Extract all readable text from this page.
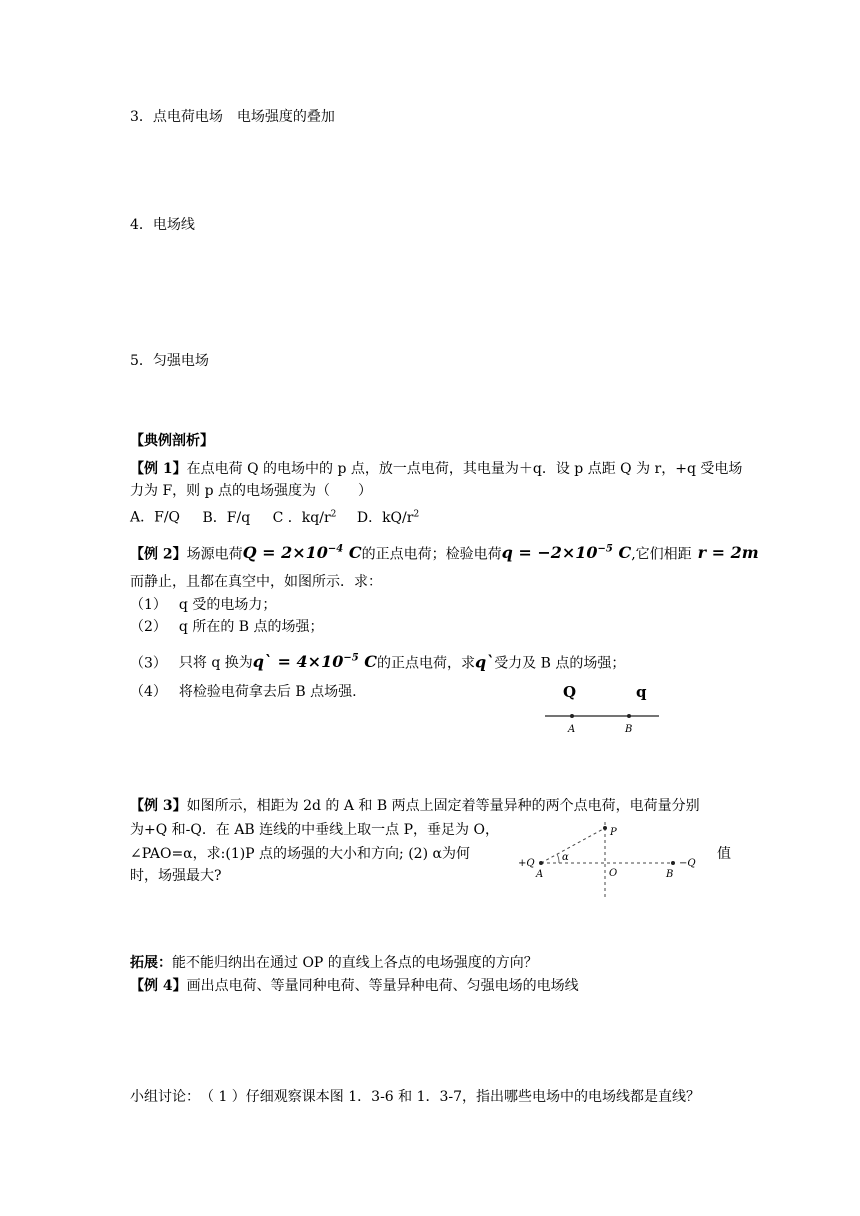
3．点电荷电场　电场强度的叠加
4．电场线
5．匀强电场
【典例剖析】
【例 1】在点电荷 Q 的电场中的 p 点，放一点电荷，其电量为＋q．设 p 点距 Q 为 r，+q 受电场
力为 F，则 p 点的电场强度为（　　）
A．F/Q B．F/q C ．$kq/r^2$ D．$kQ/r^2$
【例 2】场源电荷$Q = 2\times 10^{-4}$ C的正点电荷；检验电荷$q = -2\times 10^{-5}$ C,它们相距 r = 2m
而静止，且都在真空中，如图所示．求：
（1） q 受的电场力；
（2） q 所在的 B 点的场强；
（3） 只将 q 换为q` = $4\times 10^{-5}$ C的正点电荷，求q`受力及 B 点的场强；
（4） 将检验电荷拿去后 B 点场强.	Q	q
A	B
【例 3】如图所示，相距为 2d 的 A 和 B 两点上固定着等量异种的两个点电荷，电荷量分别
为+Q 和-Q．在 AB 连线的中垂线上取一点 P，垂足为 O，
∠PAO=α，求:(1)P 点的场强的大小和方向; (2) α为何	值
时，场强最大?
P
α
+Q
A	O	B
−Q
拓展：能不能归纳出在通过 OP 的直线上各点的电场强度的方向？
【例 4】画出点电荷、等量同种电荷、等量异种电荷、匀强电场的电场线
小组讨论：　（ 1 ）仔细观察课本图 1．3-6 和 1．3-7，指出哪些电场中的电场线都是直线？
